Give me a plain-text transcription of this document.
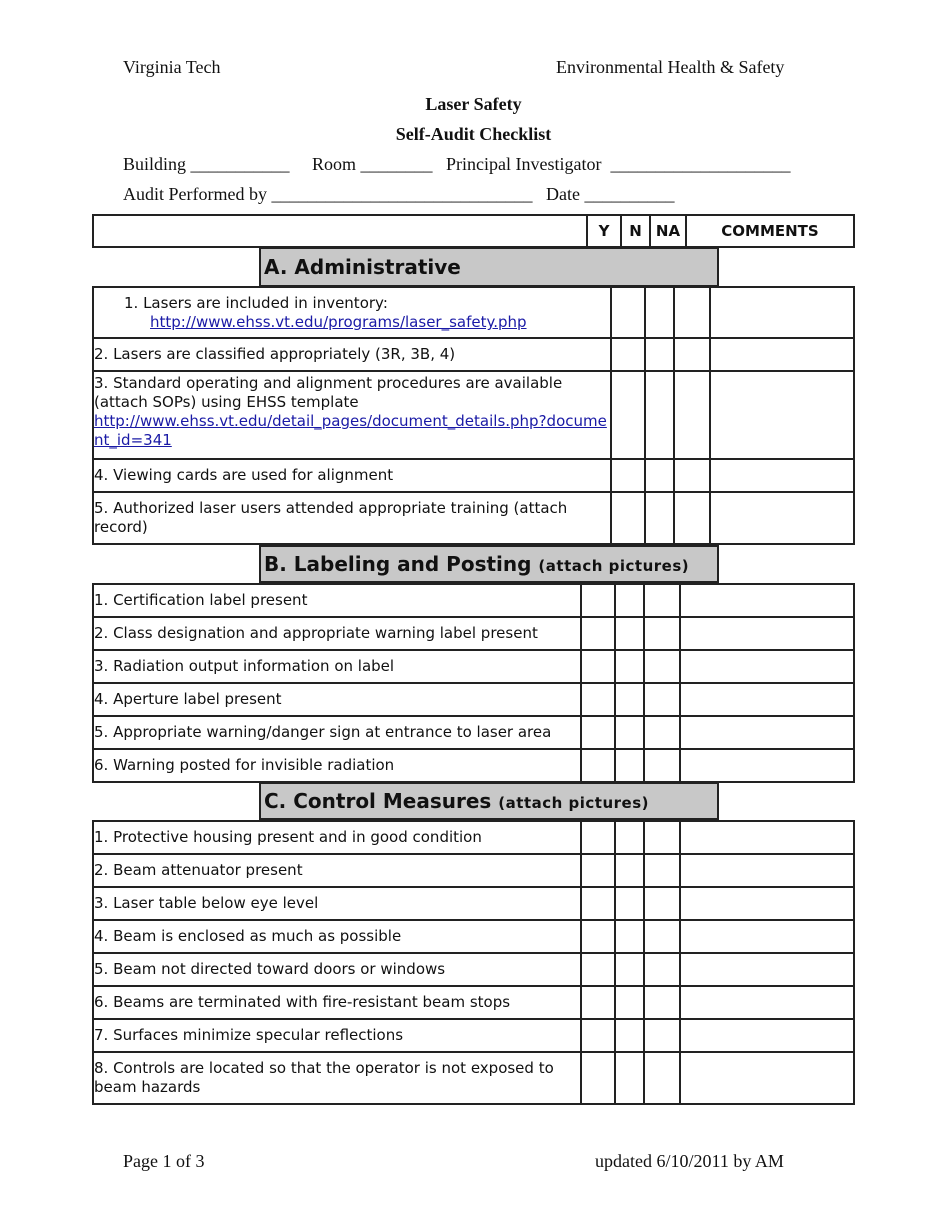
Virginia Tech	Environmental Health & Safety
Laser Safety
Self-Audit Checklist
Building ___________     Room ________   Principal Investigator  ____________________
Audit Performed by _____________________________   Date __________
	Y	N	NA	COMMENTS
A. Administrative
1. Lasers are included in inventory:
http://www.ehss.vt.edu/programs/laser_safety.php				
2. Lasers are classified appropriately (3R, 3B, 4)				
3. Standard operating and alignment procedures are available (attach SOPs) using EHSS template
http://www.ehss.vt.edu/detail_pages/document_details.php?document_id=341				
4. Viewing cards are used for alignment				
5. Authorized laser users attended appropriate training (attach record)				
B. Labeling and Posting (attach pictures)
1. Certification label present				
2. Class designation and appropriate warning label present				
3. Radiation output information on label				
4. Aperture label present				
5. Appropriate warning/danger sign at entrance to laser area				
6. Warning posted for invisible radiation				
C. Control Measures (attach pictures)
1. Protective housing present and in good condition				
2. Beam attenuator present				
3. Laser table below eye level				
4. Beam is enclosed as much as possible				
5. Beam not directed toward doors or windows				
6. Beams are terminated with fire-resistant beam stops				
7. Surfaces minimize specular reflections				
8. Controls are located so that the operator is not exposed to beam hazards				
Page 1 of 3	updated 6/10/2011 by AM
